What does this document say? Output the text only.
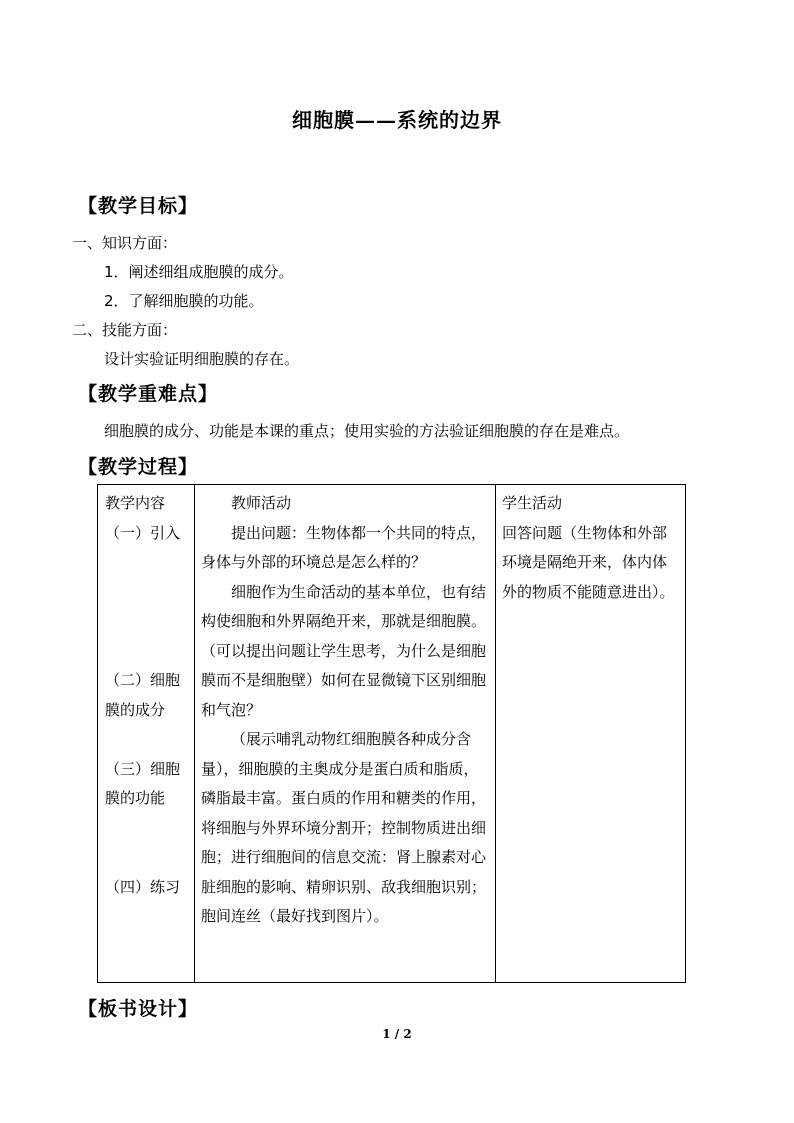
细胞膜——系统的边界
【教学目标】
一、知识方面：
1．阐述细组成胞膜的成分。
2．了解细胞膜的功能。
二、技能方面：
设计实验证明细胞膜的存在。
【教学重难点】
细胞膜的成分、功能是本课的重点；使用实验的方法验证细胞膜的存在是难点。
【教学过程】
教学内容
（一）引入
（二）细胞
膜的成分
（三）细胞
膜的功能
（四）练习

教师活动
提出问题：生物体都一个共同的特点，身体与外部的环境总是怎么样的？
细胞作为生命活动的基本单位，也有结构使细胞和外界隔绝开来，那就是细胞膜。（可以提出问题让学生思考，为什么是细胞膜而不是细胞壁）如何在显微镜下区别细胞和气泡？
（展示哺乳动物红细胞膜各种成分含量），细胞膜的主奥成分是蛋白质和脂质，磷脂最丰富。蛋白质的作用和糖类的作用，将细胞与外界环境分割开；控制物质进出细胞；进行细胞间的信息交流：肾上腺素对心脏细胞的影响、精卵识别、敌我细胞识别；胞间连丝（最好找到图片）。

学生活动
回答问题（生物体和外部环境是隔绝开来，体内体外的物质不能随意进出）。
【板书设计】
1 / 2
